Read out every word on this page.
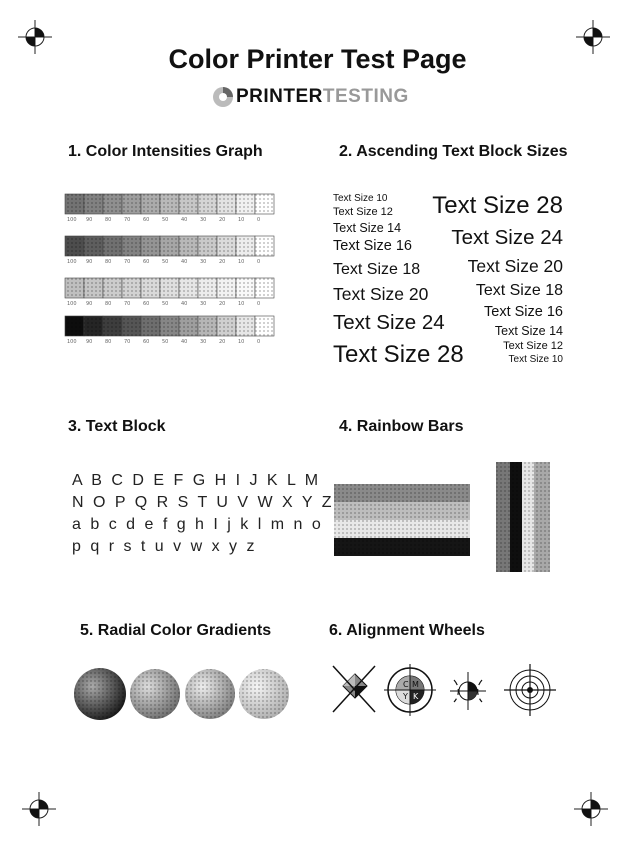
Color Printer Test Page
PRINTERTESTING
1. Color Intensities Graph	2. Ascending Text Block Sizes
3. Text Block	4. Rainbow Bars
5. Radial Color Gradients	6. Alignment Wheels
100 90	80	70	60	50	40	30	20	10	0
100 90	80	70	60	50	40	30	20	10	0
100 90	80	70	60	50	40	30	20	10	0
100 90	80	70	60	50	40	30	20	10	0
Text Size 10
Text Size 12
Text Size 14
Text Size 16
Text Size 18
Text Size 20
Text Size 24
Text Size 28
Text Size 28
Text Size 24
Text Size 20
Text Size 18
Text Size 16
Text Size 14
Text Size 12
Text Size 10
A B C D E F G H I J K L M
N O P Q R S T U V W X Y Z
a b c d e f g h I j k l m n o
p q r s t u v w x y z
C M
Y K
